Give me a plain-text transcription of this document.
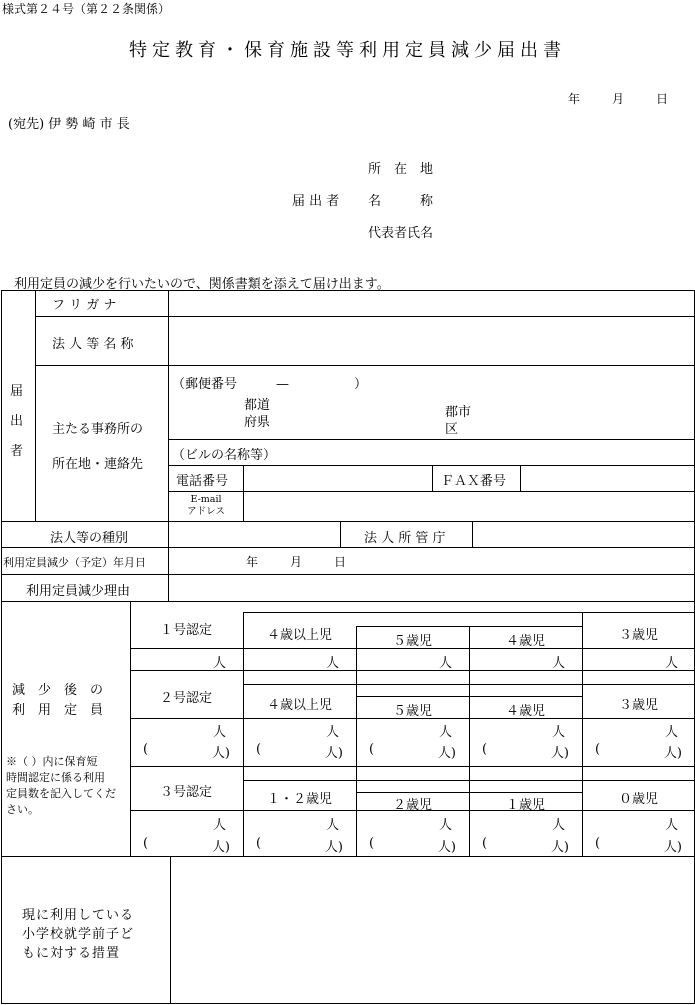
様式第２４号（第２２条関係）
特定教育・保育施設等利用定員減少届出書
年	月	日
(宛先) 伊 勢 崎 市 長
所　在　地
届 出 者 名　　　称
代表者氏名
利用定員の減少を行いたいので、関係書類を添えて届け出ます。
届
出
者
フ リ ガ ナ
法 人 等 名 称
主たる事務所の
所在地・連絡先
（郵便番号　　　—　　　　　）
都道
府県
郡市
区
（ビルの名称等）
電話番号	ＦＡＸ番号
E-mail
アドレス
法人等の種別	法 人 所 管 庁
利用定員減少（予定）年月日	年	月	日
利用定員減少理由
減　少　後　の
利　用　定　員
※（ ）内に保育短
時間認定に係る利用
定員数を記入してくだ
さい。
１号認定	４歳以上児	５歳児	４歳児	３歳児
人	人	人	人	人
２号認定	４歳以上児	５歳児	４歳児	３歳児
人	人	人	人	人
(	人) (	人) (	人) (	人) (	人)
３号認定	１・２歳児	２歳児	１歳児	０歳児
人	人	人	人	人
(	人) (	人) (	人) (	人) (	人)
現に利用している
小学校就学前子ど
もに対する措置
